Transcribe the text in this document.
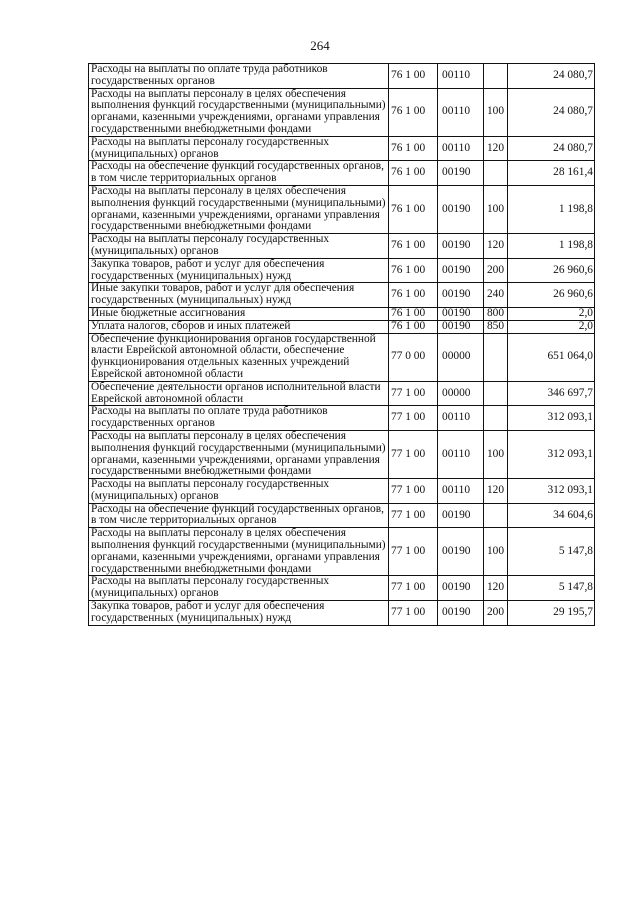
264
Расходы на выплаты по оплате труда работников государственных органов	76 1 00	00110		24 080,7
Расходы на выплаты персоналу в целях обеспечения выполнения функций государственными (муниципальными) органами, казенными учреждениями, органами управления государственными внебюджетными фондами	76 1 00	00110	100	24 080,7
Расходы на выплаты персоналу государственных (муниципальных) органов	76 1 00	00110	120	24 080,7
Расходы на обеспечение функций государственных органов, в том числе территориальных органов	76 1 00	00190		28 161,4
Расходы на выплаты персоналу в целях обеспечения выполнения функций государственными (муниципальными) органами, казенными учреждениями, органами управления государственными внебюджетными фондами	76 1 00	00190	100	1 198,8
Расходы на выплаты персоналу государственных (муниципальных) органов	76 1 00	00190	120	1 198,8
Закупка товаров, работ и услуг для обеспечения государственных (муниципальных) нужд	76 1 00	00190	200	26 960,6
Иные закупки товаров, работ и услуг для обеспечения государственных (муниципальных) нужд	76 1 00	00190	240	26 960,6
Иные бюджетные ассигнования	76 1 00	00190	800	2,0
Уплата налогов, сборов и иных платежей	76 1 00	00190	850	2,0
Обеспечение функционирования органов государственной власти Еврейской автономной области, обеспечение функционирования отдельных казенных учреждений Еврейской автономной области	77 0 00	00000		651 064,0
Обеспечение деятельности органов исполнительной власти Еврейской автономной области	77 1 00	00000		346 697,7
Расходы на выплаты по оплате труда работников государственных органов	77 1 00	00110		312 093,1
Расходы на выплаты персоналу в целях обеспечения выполнения функций государственными (муниципальными) органами, казенными учреждениями, органами управления государственными внебюджетными фондами	77 1 00	00110	100	312 093,1
Расходы на выплаты персоналу государственных (муниципальных) органов	77 1 00	00110	120	312 093,1
Расходы на обеспечение функций государственных органов, в том числе территориальных органов	77 1 00	00190		34 604,6
Расходы на выплаты персоналу в целях обеспечения выполнения функций государственными (муниципальными) органами, казенными учреждениями, органами управления государственными внебюджетными фондами	77 1 00	00190	100	5 147,8
Расходы на выплаты персоналу государственных (муниципальных) органов	77 1 00	00190	120	5 147,8
Закупка товаров, работ и услуг для обеспечения государственных (муниципальных) нужд	77 1 00	00190	200	29 195,7
